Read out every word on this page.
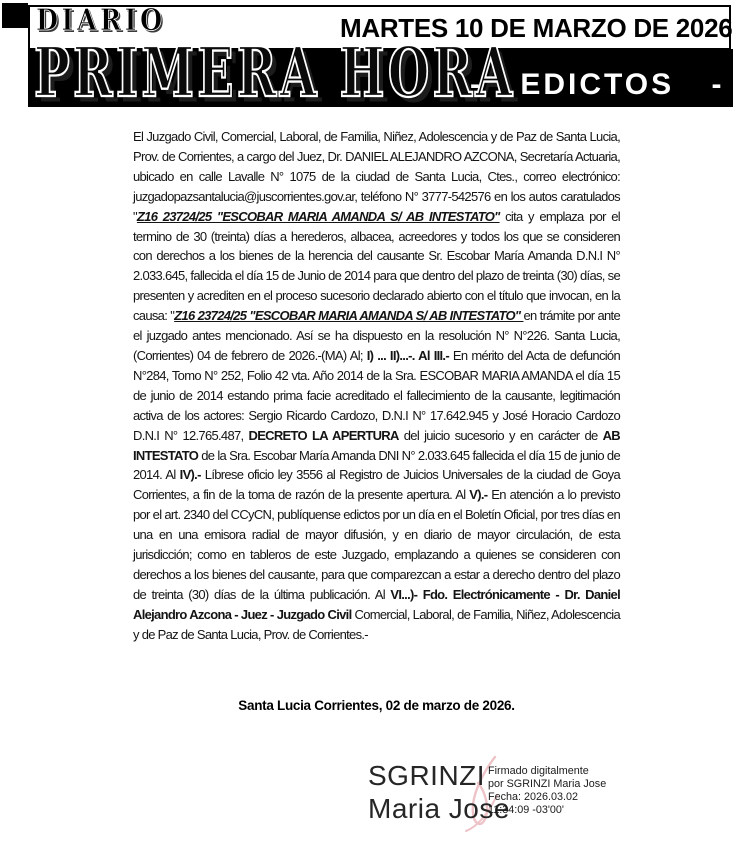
DIARIO	MARTES 10 DE MARZO DE 2026
PRIMERA HORA
- EDICTOS -

El Juzgado Civil, Comercial, Laboral, de Familia, Niñez, Adolescencia y de Paz de Santa Lucia, Prov. de Corrientes, a cargo del Juez, Dr. DANIEL ALEJANDRO AZCONA, Secretaría Actuaria, ubicado en calle Lavalle N° 1075 de la ciudad de Santa Lucia, Ctes., correo electrónico: juzgadopazsantalucia@juscorrientes.gov.ar, teléfono N° 3777-542576 en los autos caratulados "Z16 23724/25 "ESCOBAR MARIA AMANDA S/ AB INTESTATO" cita y emplaza por el termino de 30 (treinta) días a herederos, albacea, acreedores y todos los que se consideren con derechos a los bienes de la herencia del causante Sr. Escobar María Amanda D.N.I N° 2.033.645, fallecida el día 15 de Junio de 2014 para que dentro del plazo de treinta (30) días, se presenten y acrediten en el proceso sucesorio declarado abierto con el título que invocan, en la causa: "Z16 23724/25 "ESCOBAR MARIA AMANDA S/ AB INTESTATO" en trámite por ante el juzgado antes mencionado. Así se ha dispuesto en la resolución N° N°226. Santa Lucia, (Corrientes) 04 de febrero de 2026.-(MA) Al; I) ... II)...-. Al III.- En mérito del Acta de defunción N°284, Tomo N° 252, Folio 42 vta. Año 2014 de la Sra. ESCOBAR MARIA AMANDA el día 15 de junio de 2014 estando prima facie acreditado el fallecimiento de la causante, legitimación activa de los actores: Sergio Ricardo Cardozo, D.N.I N° 17.642.945 y José Horacio Cardozo D.N.I N° 12.765.487, DECRETO LA APERTURA del juicio sucesorio y en carácter de AB INTESTATO de la Sra. Escobar María Amanda DNI N° 2.033.645 fallecida el día 15 de junio de 2014. Al IV).- Líbrese oficio ley 3556 al Registro de Juicios Universales de la ciudad de Goya Corrientes, a fin de la toma de razón de la presente apertura. Al V).- En atención a lo previsto por el art. 2340 del CCyCN, publíquense edictos por un día en el Boletín Oficial, por tres días en una en una emisora radial de mayor difusión, y en diario de mayor circulación, de esta jurisdicción; como en tableros de este Juzgado, emplazando a quienes se consideren con derechos a los bienes del causante, para que comparezcan a estar a derecho dentro del plazo de treinta (30) días de la última publicación. Al VI...)- Fdo. Electrónicamente - Dr. Daniel Alejandro Azcona - Juez - Juzgado Civil Comercial, Laboral, de Familia, Niñez, Adolescencia y de Paz de Santa Lucia, Prov. de Corrientes.-

Santa Lucia Corrientes, 02 de marzo de 2026.

SGRINZI
Maria Jose
Firmado digitalmente
por SGRINZI Maria Jose
Fecha: 2026.03.02
11:34:09 -03'00'
